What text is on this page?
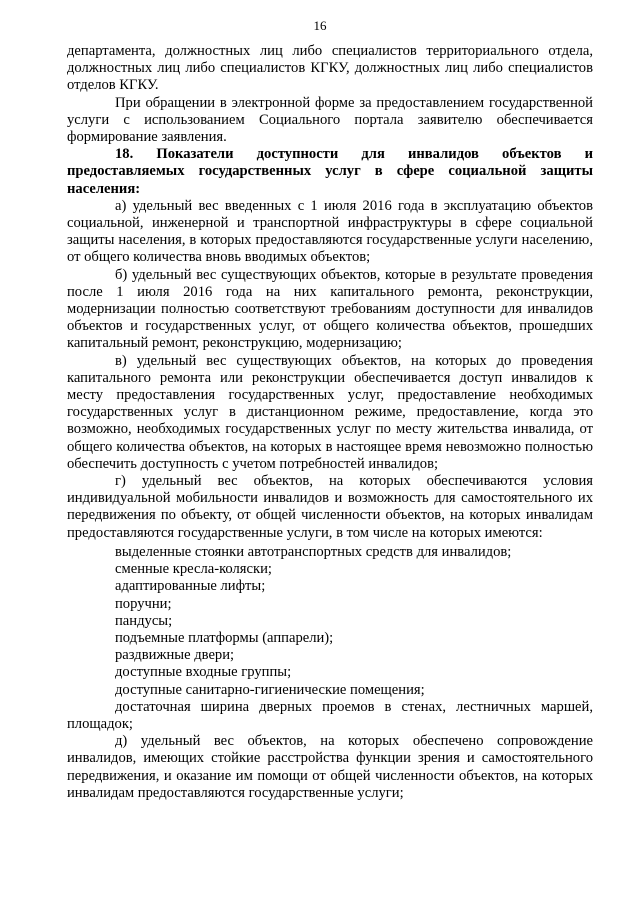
16

департамента, должностных лиц либо специалистов территориального отдела, должностных лиц либо специалистов КГКУ, должностных лиц либо специалистов отделов КГКУ.

При обращении в электронной форме за предоставлением государственной услуги с использованием Социального портала заявителю обеспечивается формирование заявления.

18. Показатели доступности для инвалидов объектов и предоставляемых государственных услуг в сфере социальной защиты населения:

а) удельный вес введенных с 1 июля 2016 года в эксплуатацию объектов социальной, инженерной и транспортной инфраструктуры в сфере социальной защиты населения, в которых предоставляются государственные услуги населению, от общего количества вновь вводимых объектов;

б) удельный вес существующих объектов, которые в результате проведения после 1 июля 2016 года на них капитального ремонта, реконструкции, модернизации полностью соответствуют требованиям доступности для инвалидов объектов и государственных услуг, от общего количества объектов, прошедших капитальный ремонт, реконструкцию, модернизацию;

в) удельный вес существующих объектов, на которых до проведения капитального ремонта или реконструкции обеспечивается доступ инвалидов к месту предоставления государственных услуг, предоставление необходимых государственных услуг в дистанционном режиме, предоставление, когда это возможно, необходимых государственных услуг по месту жительства инвалида, от общего количества объектов, на которых в настоящее время невозможно полностью обеспечить доступность с учетом потребностей инвалидов;

г) удельный вес объектов, на которых обеспечиваются условия индивидуальной мобильности инвалидов и возможность для самостоятельного их передвижения по объекту, от общей численности объектов, на которых инвалидам предоставляются государственные услуги, в том числе на которых имеются:

выделенные стоянки автотранспортных средств для инвалидов;

сменные кресла-коляски;

адаптированные лифты;

поручни;

пандусы;

подъемные платформы (аппарели);

раздвижные двери;

доступные входные группы;

доступные санитарно-гигиенические помещения;

достаточная ширина дверных проемов в стенах, лестничных маршей, площадок;

д) удельный вес объектов, на которых обеспечено сопровождение инвалидов, имеющих стойкие расстройства функции зрения и самостоятельного передвижения, и оказание им помощи от общей численности объектов, на которых инвалидам предоставляются государственные услуги;
